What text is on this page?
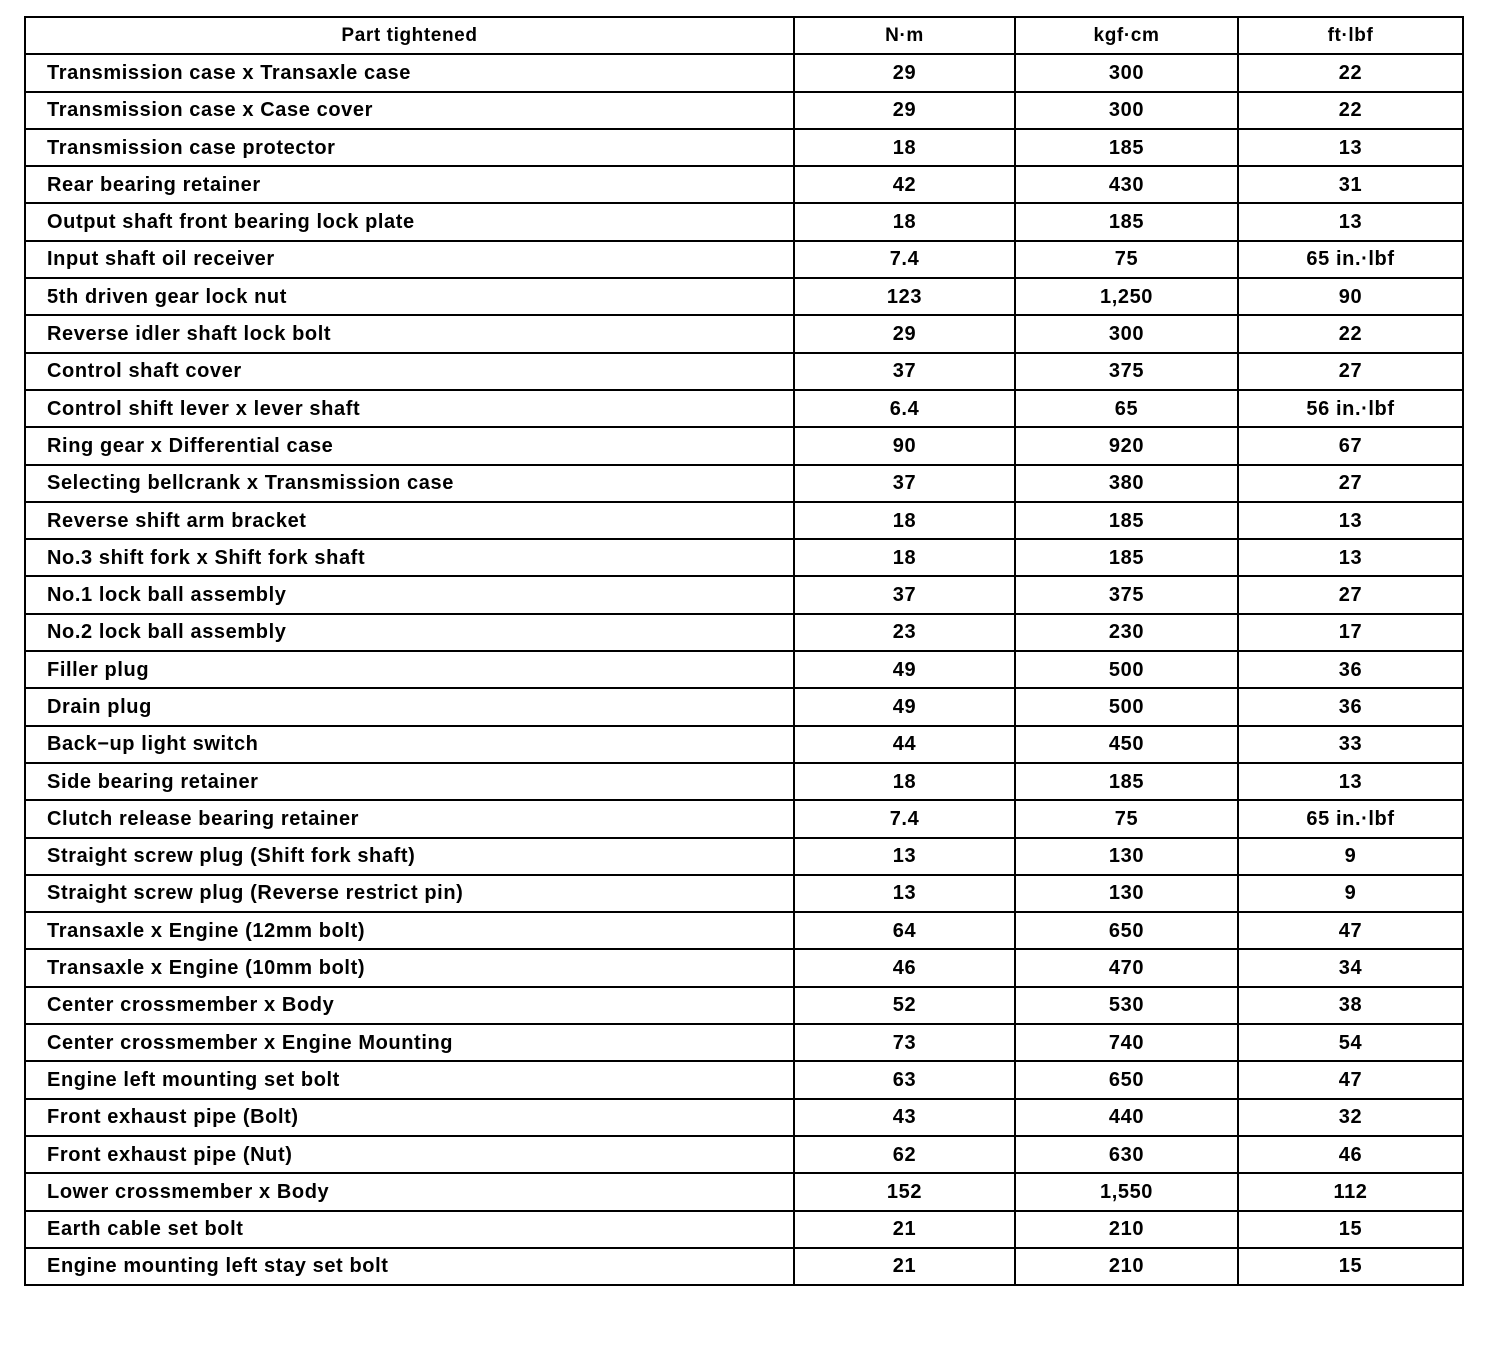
Part tightened	N·m	kgf·cm	ft·lbf
Transmission case x Transaxle case	29	300	22
Transmission case x Case cover	29	300	22
Transmission case protector	18	185	13
Rear bearing retainer	42	430	31
Output shaft front bearing lock plate	18	185	13
Input shaft oil receiver	7.4	75	65 in.·lbf
5th driven gear lock nut	123	1,250	90
Reverse idler shaft lock bolt	29	300	22
Control shaft cover	37	375	27
Control shift lever x lever shaft	6.4	65	56 in.·lbf
Ring gear x Differential case	90	920	67
Selecting bellcrank x Transmission case	37	380	27
Reverse shift arm bracket	18	185	13
No.3 shift fork x Shift fork shaft	18	185	13
No.1 lock ball assembly	37	375	27
No.2 lock ball assembly	23	230	17
Filler plug	49	500	36
Drain plug	49	500	36
Back−up light switch	44	450	33
Side bearing retainer	18	185	13
Clutch release bearing retainer	7.4	75	65 in.·lbf
Straight screw plug (Shift fork shaft)	13	130	9
Straight screw plug (Reverse restrict pin)	13	130	9
Transaxle x Engine (12mm bolt)	64	650	47
Transaxle x Engine (10mm bolt)	46	470	34
Center crossmember x Body	52	530	38
Center crossmember x Engine Mounting	73	740	54
Engine left mounting set bolt	63	650	47
Front exhaust pipe (Bolt)	43	440	32
Front exhaust pipe (Nut)	62	630	46
Lower crossmember x Body	152	1,550	112
Earth cable set bolt	21	210	15
Engine mounting left stay set bolt	21	210	15
